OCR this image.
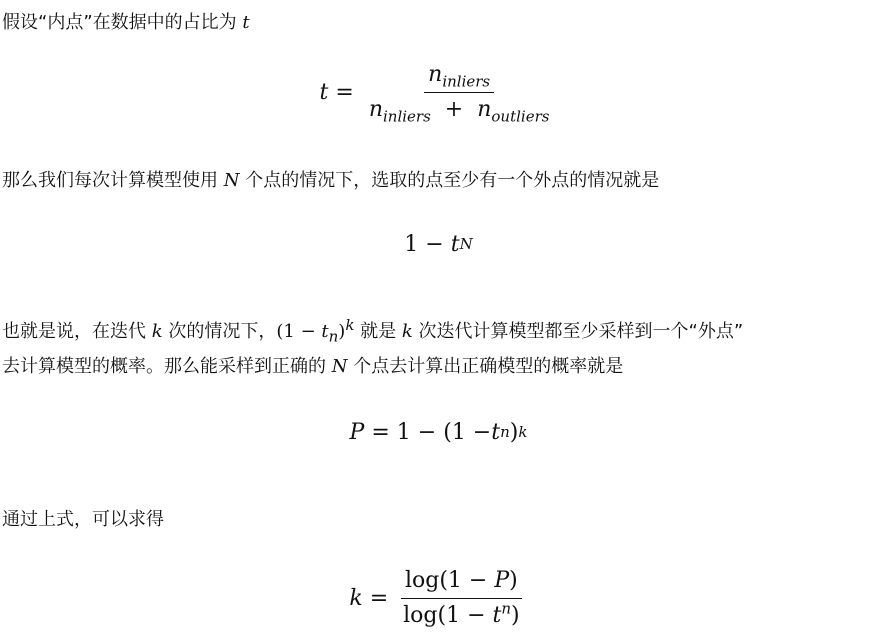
假设“内点”在数据中的占比为 t
$t = \frac{n_{inliers}}{n_{inliers} + n_{outliers}}$
那么我们每次计算模型使用 N 个点的情况下，选取的点至少有一个外点的情况就是
1 − t N
也就是说，在迭代 k 次的情况下，$(1 - t_n)^k$ 就是 k 次迭代计算模型都至少采样到一个“外点”
去计算模型的概率。那么能采样到正确的 N 个点去计算出正确模型的概率就是
P = 1 − (1 − t n ) k
通过上式，可以求得
$k = \frac{\log(1 - P)}{\log(1 - t^n)}$
